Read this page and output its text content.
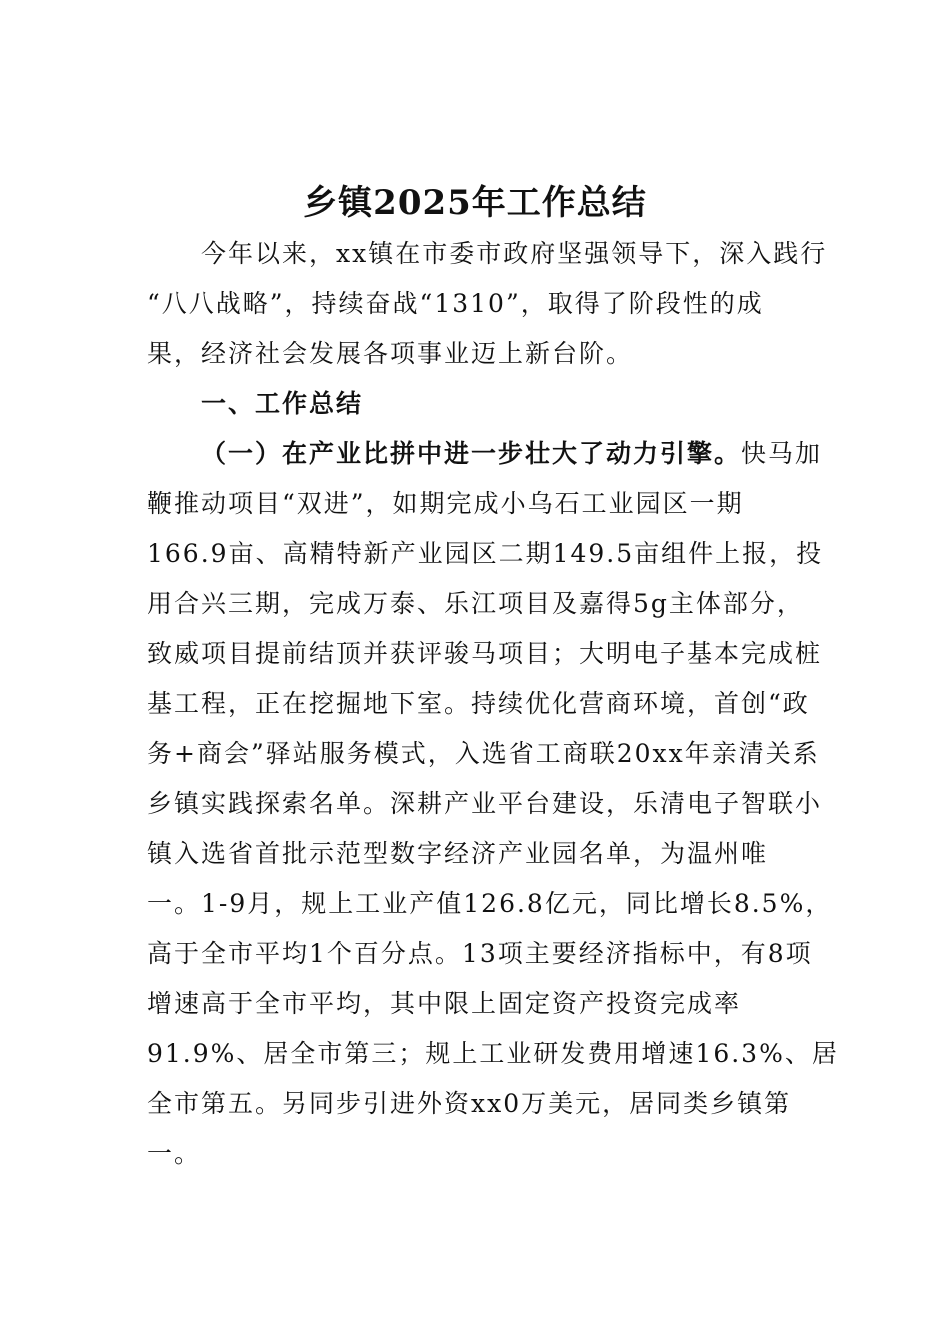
乡镇2025年工作总结
今年以来，xx镇在市委市政府坚强领导下，深入践行
“八八战略”，持续奋战“1310”，取得了阶段性的成
果，经济社会发展各项事业迈上新台阶。
一、工作总结
（一）在产业比拼中进一步壮大了动力引擎。快马加
鞭推动项目“双进”，如期完成小乌石工业园区一期
166.9亩、高精特新产业园区二期149.5亩组件上报，投
用合兴三期，完成万泰、乐江项目及嘉得5g主体部分，
致威项目提前结顶并获评骏马项目；大明电子基本完成桩
基工程，正在挖掘地下室。持续优化营商环境，首创“政
务+商会”驿站服务模式，入选省工商联20xx年亲清关系
乡镇实践探索名单。深耕产业平台建设，乐清电子智联小
镇入选省首批示范型数字经济产业园名单，为温州唯
一。1-9月，规上工业产值126.8亿元，同比增长8.5%，
高于全市平均1个百分点。13项主要经济指标中，有8项
增速高于全市平均，其中限上固定资产投资完成率
91.9%、居全市第三；规上工业研发费用增速16.3%、居
全市第五。另同步引进外资xx0万美元，居同类乡镇第
一。
